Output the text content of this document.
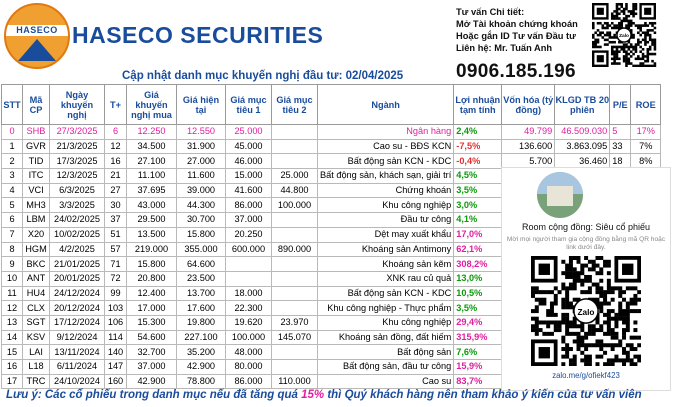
HASECO HASECO SECURITIES
Tư vấn Chi tiết:
Mở Tài khoản chứng khoán
Hoặc gắn ID Tư vấn Đầu tư
Liên hệ: Mr. Tuấn Anh
0906.185.196
Zalo
Cập nhật danh mục khuyến nghị đầu tư: 02/04/2025
STT	Mã CP	Ngày khuyến nghị	T+	Giá khuyến nghị mua	Giá hiện tại	Giá mục tiêu 1	Giá mục tiêu 2	Ngành	Lợi nhuận tạm tính	Vốn hóa (tỷ đồng)	KLGD TB 20 phiên	P/E	ROE
0	SHB	27/3/2025	6	12.250	12.550	25.000		Ngân hàng	2,4%	49.799	46.509.030	5	17%
1	GVR	21/3/2025	12	34.500	31.900	45.000		Cao su - BĐS KCN	-7,5%	136.600	3.863.095	33	7%
2	TID	17/3/2025	16	27.100	27.000	46.000		Bất động sản KCN - KDC	-0,4%	5.700	36.460	18	8%
3	ITC	12/3/2025	21	11.100	11.600	15.000	25.000	Bất động sản, khách sạn, giải trí	4,5%				
4	VCI	6/3/2025	27	37.695	39.000	41.600	44.800	Chứng khoán	3,5%				
5	MH3	3/3/2025	30	43.000	44.300	86.000	100.000	Khu công nghiệp	3,0%				
6	LBM	24/02/2025	37	29.500	30.700	37.000		Đầu tư công	4,1%				
7	X20	10/02/2025	51	13.500	15.800	20.250		Dệt may xuất khẩu	17,0%				
8	HGM	4/2/2025	57	219.000	355.000	600.000	890.000	Khoáng sản Antimony	62,1%				
9	BKC	21/01/2025	71	15.800	64.600			Khoáng sản kẽm	308,2%				
10	ANT	20/01/2025	72	20.800	23.500			XNK rau củ quả	13,0%				
11	HU4	24/12/2024	99	12.400	13.700	18.000		Bất động sản KCN - KDC	10,5%				
12	CLX	20/12/2024	103	17.000	17.600	22.300		Khu công nghiệp - Thực phẩm	3,5%				
13	SGT	17/12/2024	106	15.300	19.800	19.620	23.970	Khu công nghiệp	29,4%				
14	KSV	9/12/2024	114	54.600	227.100	100.000	145.070	Khoáng sản đồng, đất hiếm	315,9%				
15	LAI	13/11/2024	140	32.700	35.200	48.000		Bất động sản	7,6%				
16	L18	6/11/2024	147	37.000	42.900	80.000		Bất động sản, đầu tư công	15,9%				
17	TRC	24/10/2024	160	42.900	78.800	86.000	110.000	Cao su	83,7%				
Room cộng đồng: Siêu cổ phiếu
Mời mọi người tham gia cộng đồng bằng mã QR hoặc link dưới đây.
Zalo
zalo.me/g/ofiekf423
Lưu ý: Các cổ phiếu trong danh mục nếu đã tăng quá 15% thì Quý khách hàng nên tham khảo ý kiến của tư vấn viên
